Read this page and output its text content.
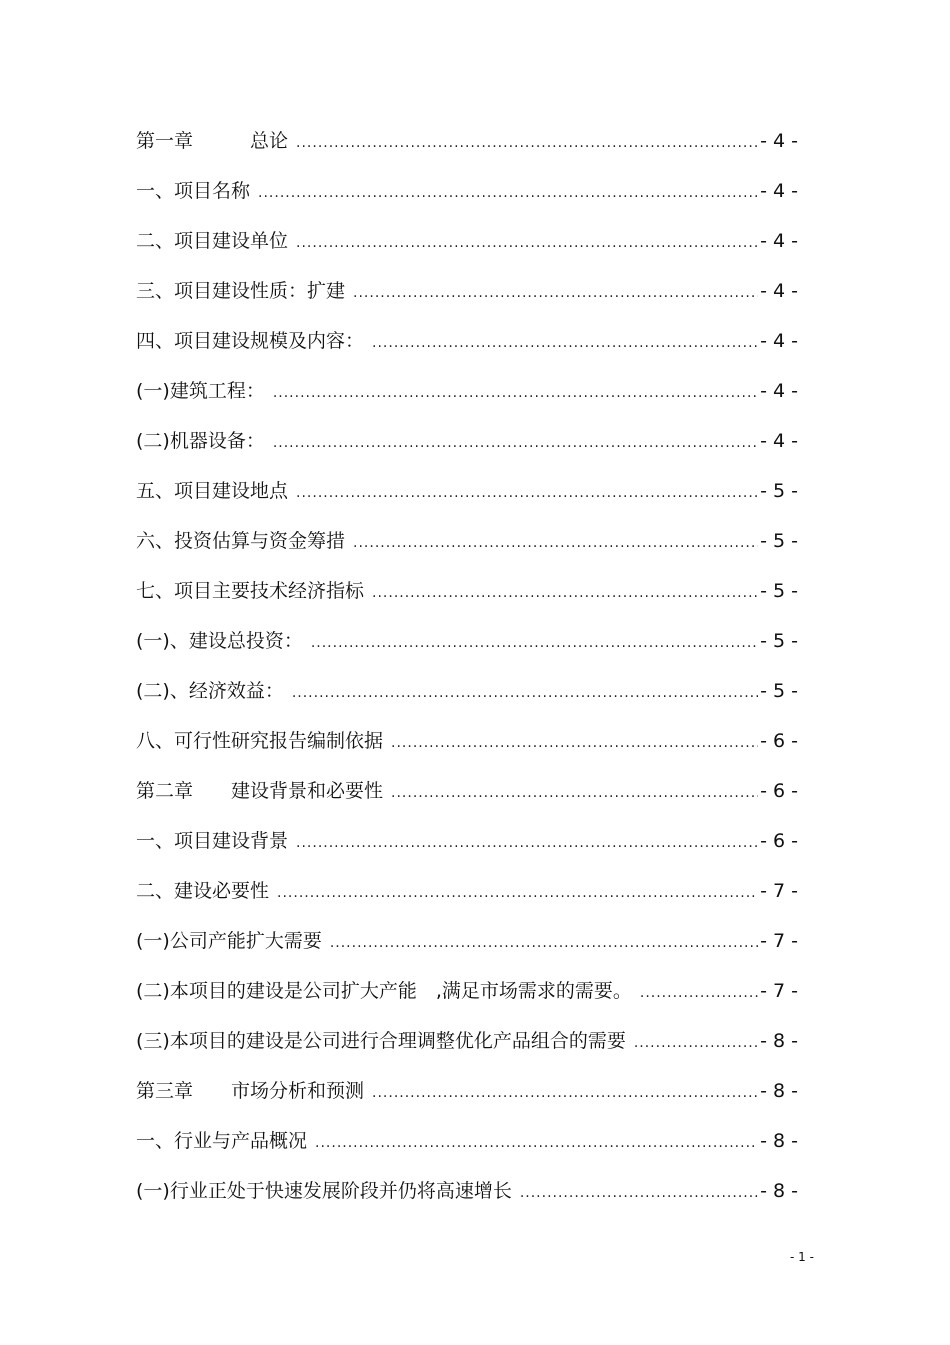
第一章　　　总论 .....	- 4 -
一、项目名称 .....	- 4 -
二、项目建设单位 .....	- 4 -
三、项目建设性质：扩建 .....	- 4 -
四、项目建设规模及内容： .....	- 4 -
(一)建筑工程： .....	- 4 -
(二)机器设备： .....	- 4 -
五、项目建设地点 .....	- 5 -
六、投资估算与资金筹措 .....	- 5 -
七、项目主要技术经济指标 .....	- 5 -
(一)、建设总投资： .....	- 5 -
(二)、经济效益： .....	- 5 -
八、可行性研究报告编制依据 .....	- 6 -
第二章　　建设背景和必要性 .....	- 6 -
一、项目建设背景 .....	- 6 -
二、建设必要性 .....	- 7 -
(一)公司产能扩大需要 .....	- 7 -
(二)本项目的建设是公司扩大产能　,满足市场需求的需要。 .....	- 7 -
(三)本项目的建设是公司进行合理调整优化产品组合的需要 .....	- 8 -
第三章　　市场分析和预测 .....	- 8 -
一、行业与产品概况 .....	- 8 -
(一)行业正处于快速发展阶段并仍将高速增长 .....	- 8 -
- 1 -
